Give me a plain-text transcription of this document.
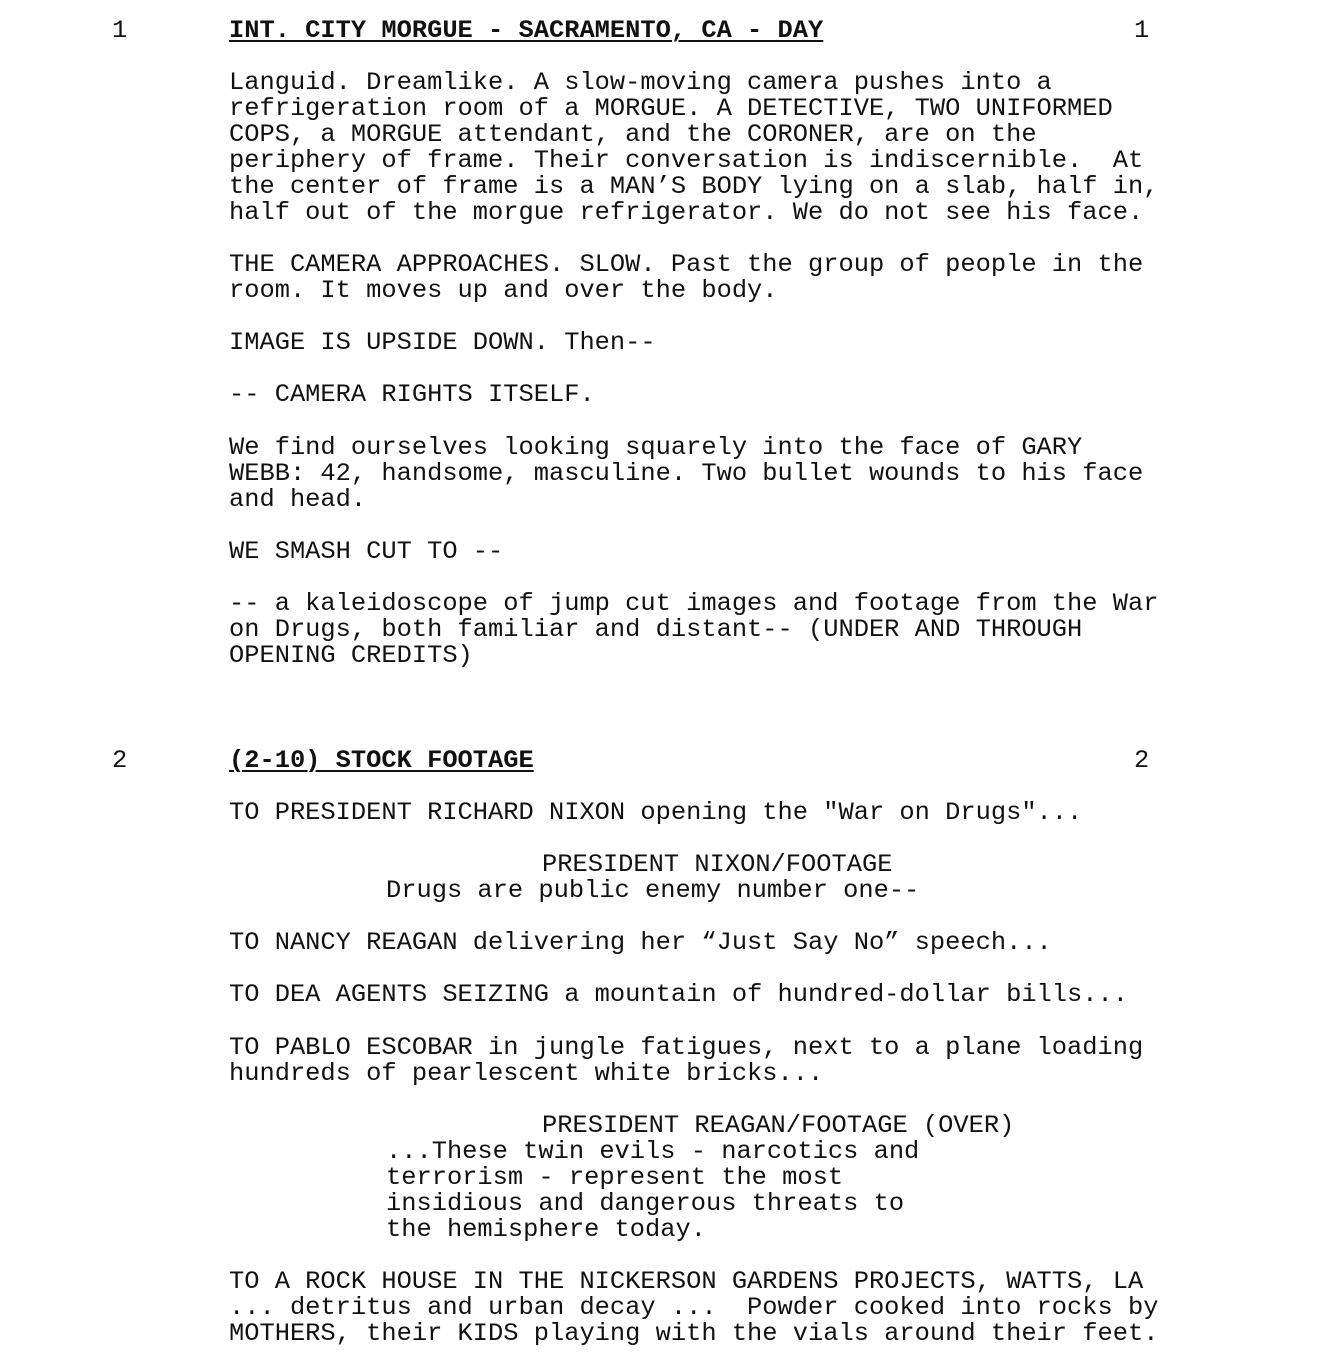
1	INT. CITY MORGUE - SACRAMENTO, CA - DAY	1
Languid. Dreamlike. A slow-moving camera pushes into a
refrigeration room of a MORGUE. A DETECTIVE, TWO UNIFORMED
COPS, a MORGUE attendant, and the CORONER, are on the
periphery of frame. Their conversation is indiscernible.  At
the center of frame is a MAN’S BODY lying on a slab, half in,
half out of the morgue refrigerator. We do not see his face.
THE CAMERA APPROACHES. SLOW. Past the group of people in the
room. It moves up and over the body.
IMAGE IS UPSIDE DOWN. Then--
-- CAMERA RIGHTS ITSELF.
We find ourselves looking squarely into the face of GARY
WEBB: 42, handsome, masculine. Two bullet wounds to his face
and head.
WE SMASH CUT TO --
-- a kaleidoscope of jump cut images and footage from the War
on Drugs, both familiar and distant-- (UNDER AND THROUGH
OPENING CREDITS)
2	(2-10) STOCK FOOTAGE	2
TO PRESIDENT RICHARD NIXON opening the "War on Drugs"...
PRESIDENT NIXON/FOOTAGE
Drugs are public enemy number one--
TO NANCY REAGAN delivering her “Just Say No” speech...
TO DEA AGENTS SEIZING a mountain of hundred-dollar bills...
TO PABLO ESCOBAR in jungle fatigues, next to a plane loading
hundreds of pearlescent white bricks...
PRESIDENT REAGAN/FOOTAGE (OVER)
...These twin evils - narcotics and
terrorism - represent the most
insidious and dangerous threats to
the hemisphere today.
TO A ROCK HOUSE IN THE NICKERSON GARDENS PROJECTS, WATTS, LA
... detritus and urban decay ...  Powder cooked into rocks by
MOTHERS, their KIDS playing with the vials around their feet.
